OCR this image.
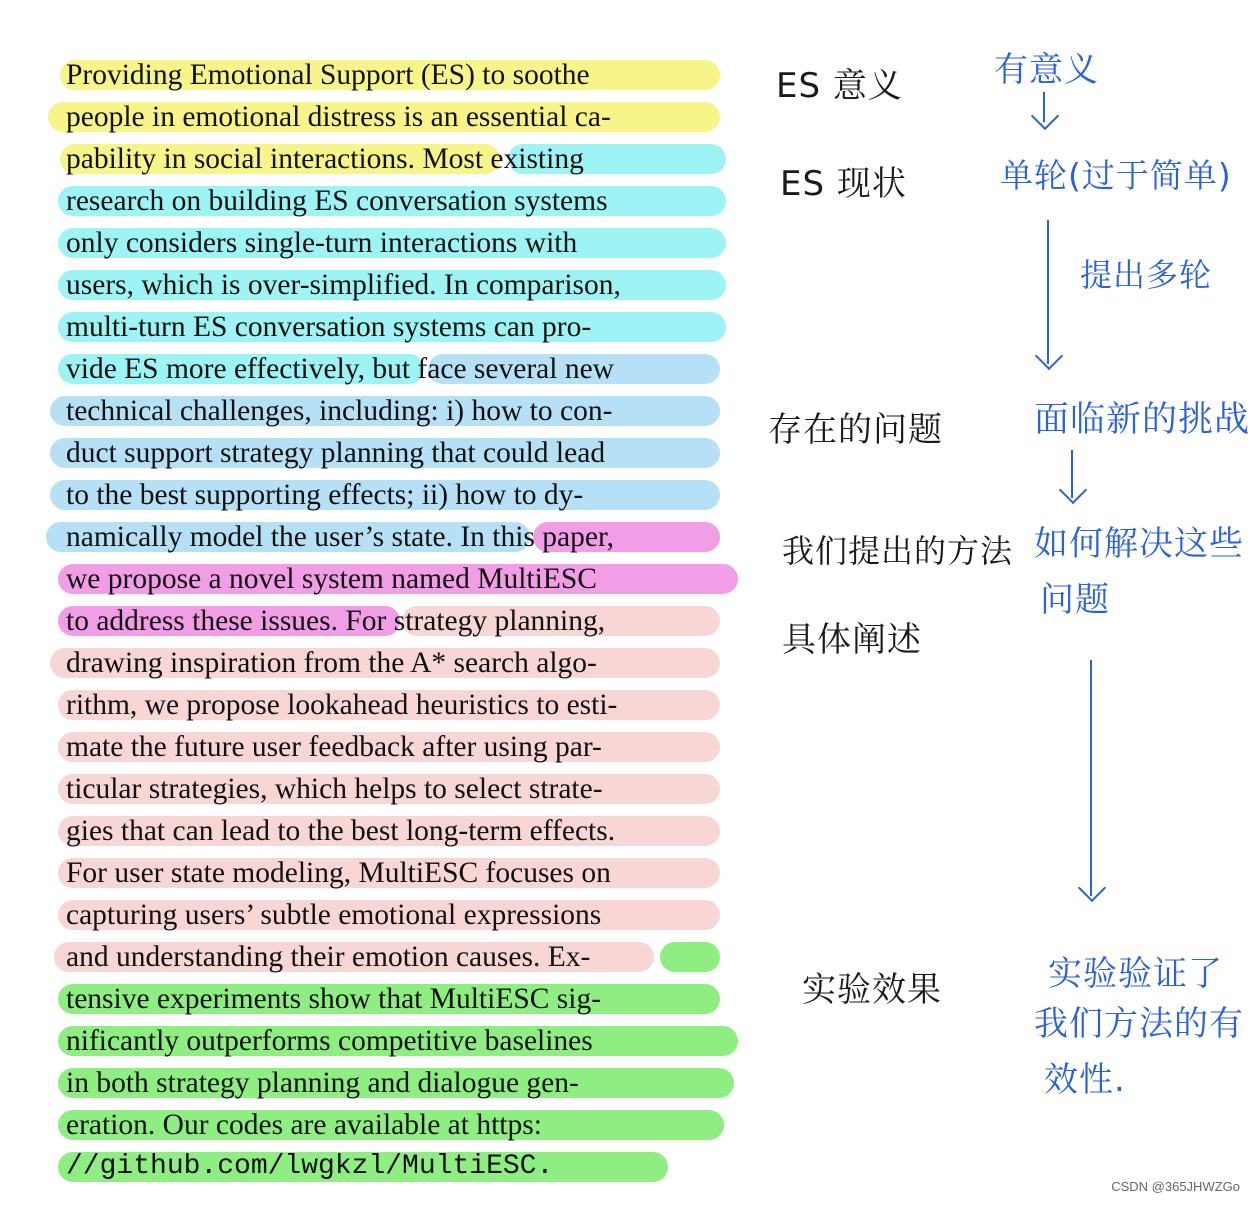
Providing Emotional Support (ES) to soothe
people in emotional distress is an essential ca-
pability in social interactions. Most existing
research on building ES conversation systems
only considers single-turn interactions with
users, which is over-simplified. In comparison,
multi-turn ES conversation systems can pro-
vide ES more effectively, but face several new
technical challenges, including: i) how to con-
duct support strategy planning that could lead
to the best supporting effects; ii) how to dy-
namically model the user’s state. In this paper,
we propose a novel system named MultiESC
to address these issues. For strategy planning,
drawing inspiration from the A* search algo-
rithm, we propose lookahead heuristics to esti-
mate the future user feedback after using par-
ticular strategies, which helps to select strate-
gies that can lead to the best long-term effects.
For user state modeling, MultiESC focuses on
capturing users’ subtle emotional expressions
and understanding their emotion causes. Ex-
tensive experiments show that MultiESC sig-
nificantly outperforms competitive baselines
in both strategy planning and dialogue gen-
eration. Our codes are available at https:
//github.com/lwgkzl/MultiESC.
ES 意义
ES 现状
存在的问题
我们提出的方法
具体阐述
实验效果
有意义
单轮(过于简单)
提出多轮
面临新的挑战
如何解决这些
问题
实验验证了
我们方法的有
效性.
CSDN @365JHWZGo
